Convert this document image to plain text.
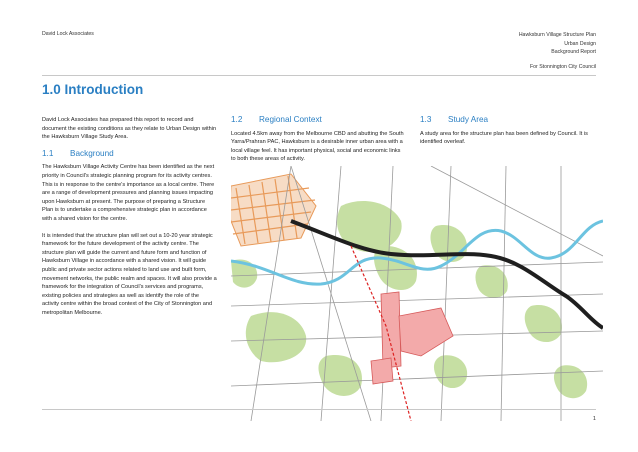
David Lock Associates	Hawksburn Village Structure Plan
Urban Design
Background Report
For Stonnington City Council
1.0 Introduction

David Lock Associates has prepared this report to record and document the existing conditions as they relate to Urban Design within the Hawksburn Village Study Area.

1.1 Background

The Hawksburn Village Activity Centre has been identified as the next priority in Council's strategic planning program for its activity centres. This is in response to the centre's importance as a local centre. There are a range of development pressures and planning issues impacting upon Hawksburn at present. The purpose of preparing a Structure Plan is to undertake a comprehensive strategic plan in accordance with a shared vision for the centre.

It is intended that the structure plan will set out a 10-20 year strategic framework for the future development of the activity centre. The structure plan will guide the current and future form and function of Hawksburn Village in accordance with a shared vision. It will guide public and private sector actions related to land use and built form, movement networks, the public realm and spaces. It will also provide a framework for the integration of Council's services and programs, existing policies and strategies as well as identify the role of the activity centre within the broad context of the City of Stonnington and metropolitan Melbourne.

1.2 Regional Context
Located 4.5km away from the Melbourne CBD and abutting the South Yarra/Prahran PAC, Hawksburn is a desirable inner urban area with a local village feel. It has important physical, social and economic links to both these areas of activity.
1.3 Study Area
A study area for the structure plan has been defined by Council. It is identified overleaf.
1
